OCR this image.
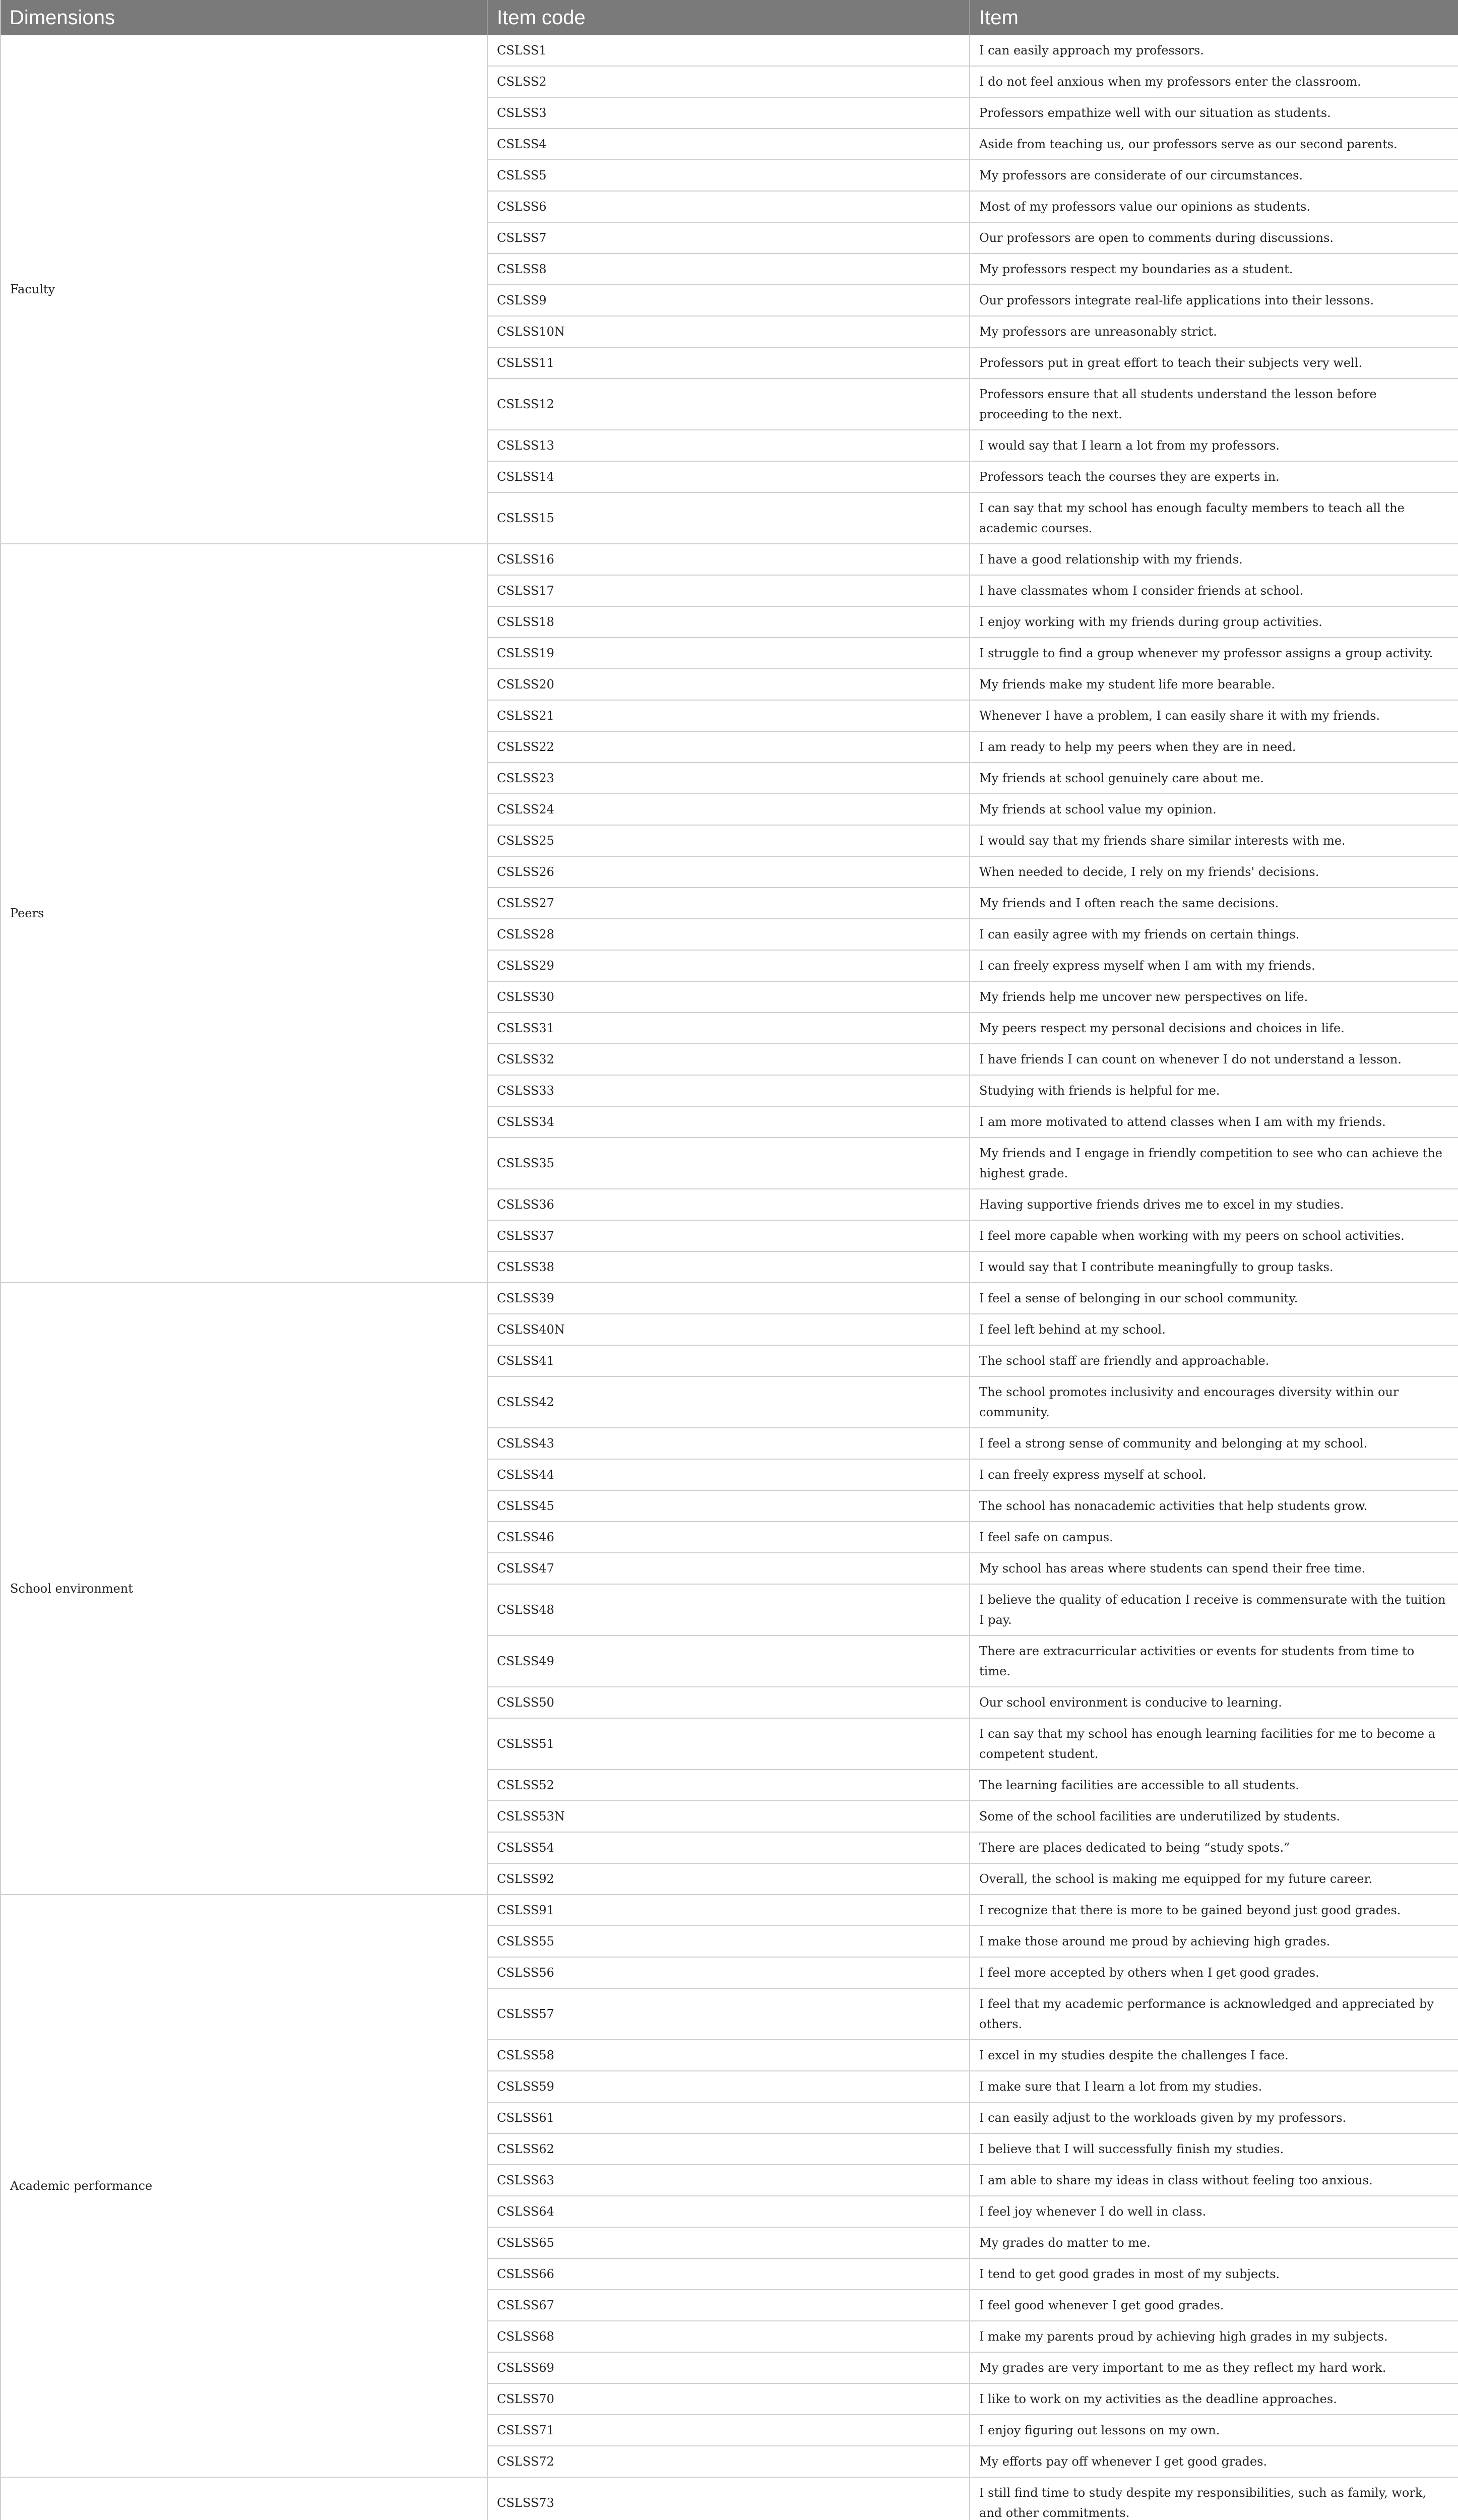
Dimensions	Item code	Item
Faculty	CSLSS1	I can easily approach my professors.
	CSLSS2	I do not feel anxious when my professors enter the classroom.
	CSLSS3	Professors empathize well with our situation as students.
	CSLSS4	Aside from teaching us, our professors serve as our second parents.
	CSLSS5	My professors are considerate of our circumstances.
	CSLSS6	Most of my professors value our opinions as students.
	CSLSS7	Our professors are open to comments during discussions.
	CSLSS8	My professors respect my boundaries as a student.
	CSLSS9	Our professors integrate real-life applications into their lessons.
	CSLSS10N	My professors are unreasonably strict.
	CSLSS11	Professors put in great effort to teach their subjects very well.
	CSLSS12	Professors ensure that all students understand the lesson before proceeding to the next.
	CSLSS13	I would say that I learn a lot from my professors.
	CSLSS14	Professors teach the courses they are experts in.
	CSLSS15	I can say that my school has enough faculty members to teach all the academic courses.
Peers	CSLSS16	I have a good relationship with my friends.
	CSLSS17	I have classmates whom I consider friends at school.
	CSLSS18	I enjoy working with my friends during group activities.
	CSLSS19	I struggle to find a group whenever my professor assigns a group activity.
	CSLSS20	My friends make my student life more bearable.
	CSLSS21	Whenever I have a problem, I can easily share it with my friends.
	CSLSS22	I am ready to help my peers when they are in need.
	CSLSS23	My friends at school genuinely care about me.
	CSLSS24	My friends at school value my opinion.
	CSLSS25	I would say that my friends share similar interests with me.
	CSLSS26	When needed to decide, I rely on my friends' decisions.
	CSLSS27	My friends and I often reach the same decisions.
	CSLSS28	I can easily agree with my friends on certain things.
	CSLSS29	I can freely express myself when I am with my friends.
	CSLSS30	My friends help me uncover new perspectives on life.
	CSLSS31	My peers respect my personal decisions and choices in life.
	CSLSS32	I have friends I can count on whenever I do not understand a lesson.
	CSLSS33	Studying with friends is helpful for me.
	CSLSS34	I am more motivated to attend classes when I am with my friends.
	CSLSS35	My friends and I engage in friendly competition to see who can achieve the highest grade.
	CSLSS36	Having supportive friends drives me to excel in my studies.
	CSLSS37	I feel more capable when working with my peers on school activities.
	CSLSS38	I would say that I contribute meaningfully to group tasks.
School environment	CSLSS39	I feel a sense of belonging in our school community.
	CSLSS40N	I feel left behind at my school.
	CSLSS41	The school staff are friendly and approachable.
	CSLSS42	The school promotes inclusivity and encourages diversity within our community.
	CSLSS43	I feel a strong sense of community and belonging at my school.
	CSLSS44	I can freely express myself at school.
	CSLSS45	The school has nonacademic activities that help students grow.
	CSLSS46	I feel safe on campus.
	CSLSS47	My school has areas where students can spend their free time.
	CSLSS48	I believe the quality of education I receive is commensurate with the tuition I pay.
	CSLSS49	There are extracurricular activities or events for students from time to time.
	CSLSS50	Our school environment is conducive to learning.
	CSLSS51	I can say that my school has enough learning facilities for me to become a competent student.
	CSLSS52	The learning facilities are accessible to all students.
	CSLSS53N	Some of the school facilities are underutilized by students.
	CSLSS54	There are places dedicated to being “study spots.”
	CSLSS92	Overall, the school is making me equipped for my future career.
Academic performance	CSLSS91	I recognize that there is more to be gained beyond just good grades.
	CSLSS55	I make those around me proud by achieving high grades.
	CSLSS56	I feel more accepted by others when I get good grades.
	CSLSS57	I feel that my academic performance is acknowledged and appreciated by others.
	CSLSS58	I excel in my studies despite the challenges I face.
	CSLSS59	I make sure that I learn a lot from my studies.
	CSLSS61	I can easily adjust to the workloads given by my professors.
	CSLSS62	I believe that I will successfully finish my studies.
	CSLSS63	I am able to share my ideas in class without feeling too anxious.
	CSLSS64	I feel joy whenever I do well in class.
	CSLSS65	My grades do matter to me.
	CSLSS66	I tend to get good grades in most of my subjects.
	CSLSS67	I feel good whenever I get good grades.
	CSLSS68	I make my parents proud by achieving high grades in my subjects.
	CSLSS69	My grades are very important to me as they reflect my hard work.
	CSLSS70	I like to work on my activities as the deadline approaches.
	CSLSS71	I enjoy figuring out lessons on my own.
	CSLSS72	My efforts pay off whenever I get good grades.
	CSLSS73	I still find time to study despite my responsibilities, such as family, work, and other commitments.
